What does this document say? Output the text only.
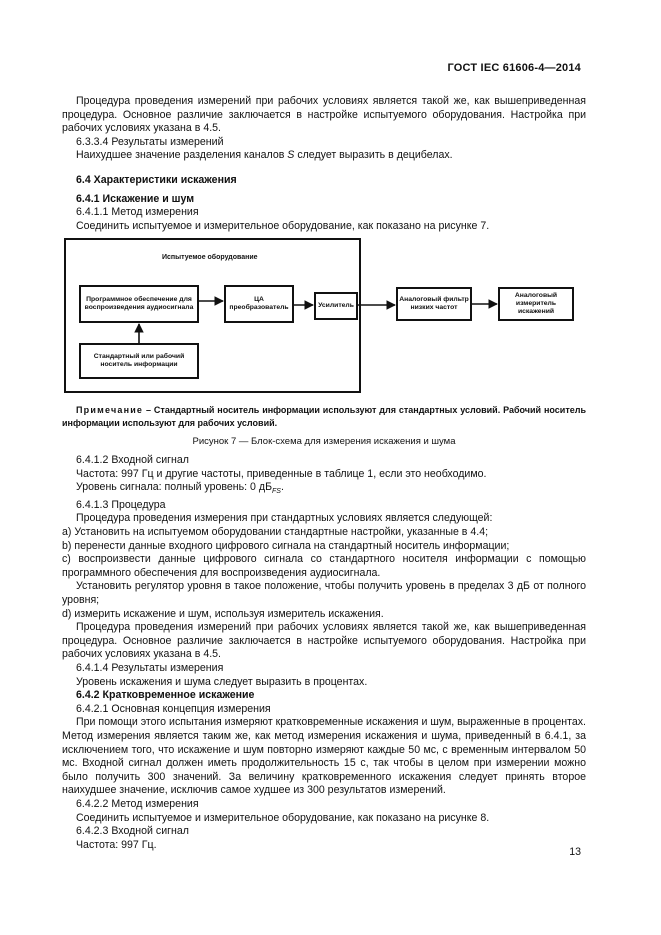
ГОСТ IEC 61606-4—2014

Процедура проведения измерений при рабочих условиях является такой же, как вышеприведенная процедура. Основное различие заключается в настройке испытуемого оборудования. Настройка при рабочих условиях указана в 4.5.

6.3.3.4 Результаты измерений

Наихудшее значение разделения каналов S следует выразить в децибелах.

6.4 Характеристики искажения

6.4.1 Искажение и шум

6.4.1.1 Метод измерения

Соединить испытуемое и измерительное оборудование, как показано на рисунке 7.

Испытуемое оборудование
Программное обеспечение для воспроизведения аудиосигнала
ЦА преобразователь	Усилитель
Аналоговый фильтр низких частот
Аналоговый измеритель искажений
Стандартный или рабочий носитель информации

Примечание – Стандартный носитель информации используют для стандартных условий. Рабочий носитель информации используют для рабочих условий.

Рисунок 7 — Блок-схема для измерения искажения и шума

6.4.1.2 Входной сигнал

Частота: 997 Гц и другие частоты, приведенные в таблице 1, если это необходимо.

Уровень сигнала: полный уровень: 0 $дБ_{FS}$.

6.4.1.3 Процедура

Процедура проведения измерения при стандартных условиях является следующей:

а) Установить на испытуемом оборудовании стандартные настройки, указанные в 4.4;

b) перенести данные входного цифрового сигнала на стандартный носитель информации;

c) воспроизвести данные цифрового сигнала со стандартного носителя информации с помощью программного обеспечения для воспроизведения аудиосигнала.

Установить регулятор уровня в такое положение, чтобы получить уровень в пределах 3 дБ от полного уровня;

d) измерить искажение и шум, используя измеритель искажения.

Процедура проведения измерений при рабочих условиях является такой же, как вышеприведенная процедура. Основное различие заключается в настройке испытуемого оборудования. Настройка при рабочих условиях указана в 4.5.

6.4.1.4 Результаты измерения

Уровень искажения и шума следует выразить в процентах.

6.4.2 Кратковременное искажение

6.4.2.1 Основная концепция измерения

При помощи этого испытания измеряют кратковременные искажения и шум, выраженные в процентах. Метод измерения является таким же, как метод измерения искажения и шума, приведенный в 6.4.1, за исключением того, что искажение и шум повторно измеряют каждые 50 мс, с временным интервалом 50 мс. Входной сигнал должен иметь продолжительность 15 с, так чтобы в целом при измерении можно было получить 300 значений. За величину кратковременного искажения следует принять второе наихудшее значение, исключив самое худшее из 300 результатов измерений.

6.4.2.2 Метод измерения

Соединить испытуемое и измерительное оборудование, как показано на рисунке 8.

6.4.2.3 Входной сигнал

Частота: 997 Гц.

13
